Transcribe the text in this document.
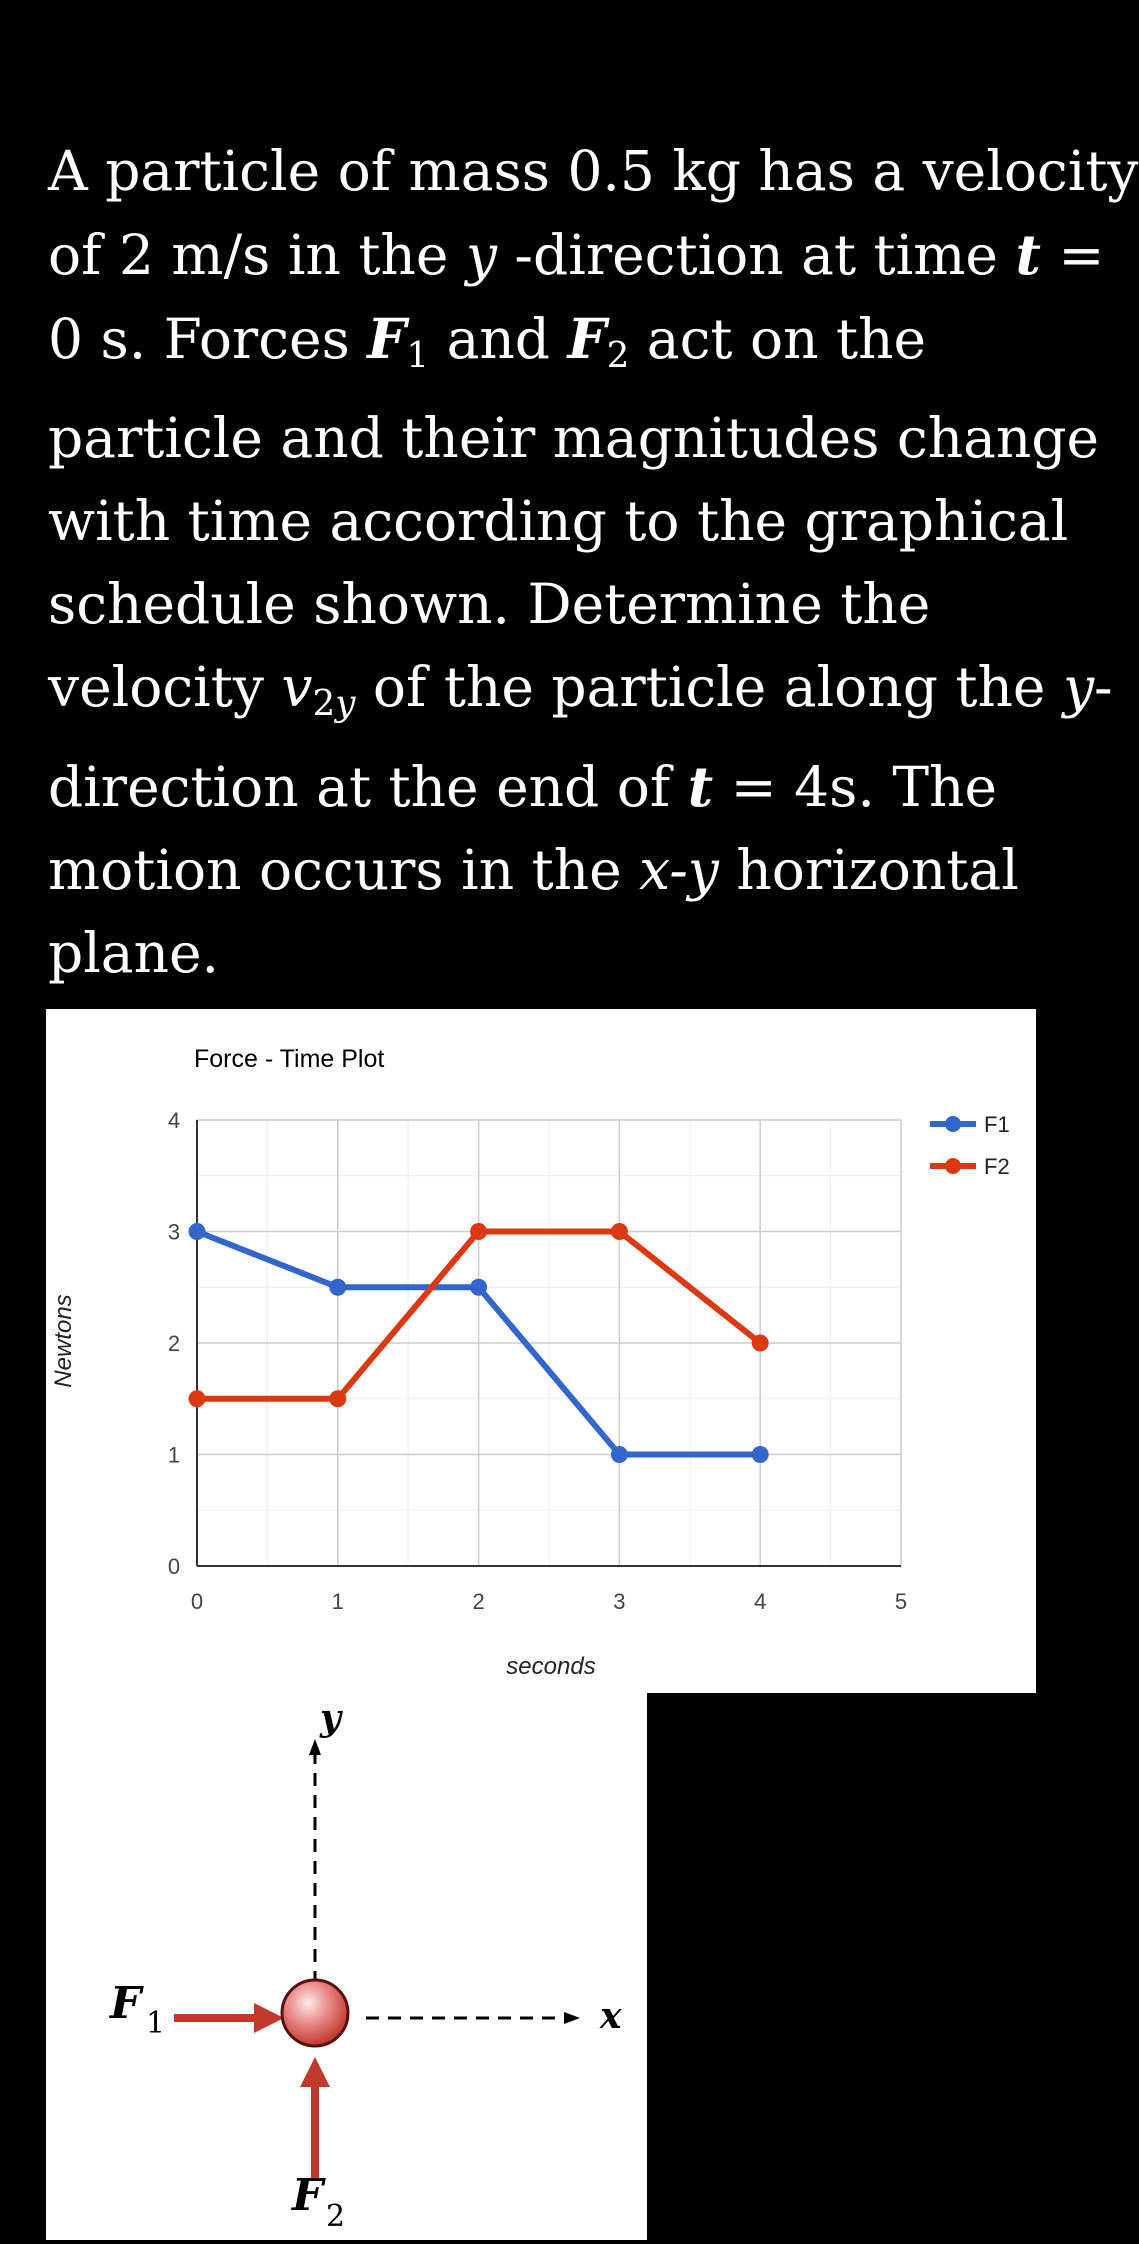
A particle of mass 0.5 kg has a velocity
of 2 m/s in the y -direction at time t =
0 s. Forces $F_1$ and $F_2$ act on the
particle and their magnitudes change
with time according to the graphical
schedule shown. Determine the
velocity $v_{2y}$ of the particle along the y-
direction at the end of t = 4s. The
motion occurs in the x-y horizontal
plane.
Force - Time Plot
0
1
2
3
4
0	1	2	3	4	5
F1
F2
seconds
Newtons
y
x
F 1
F 2
